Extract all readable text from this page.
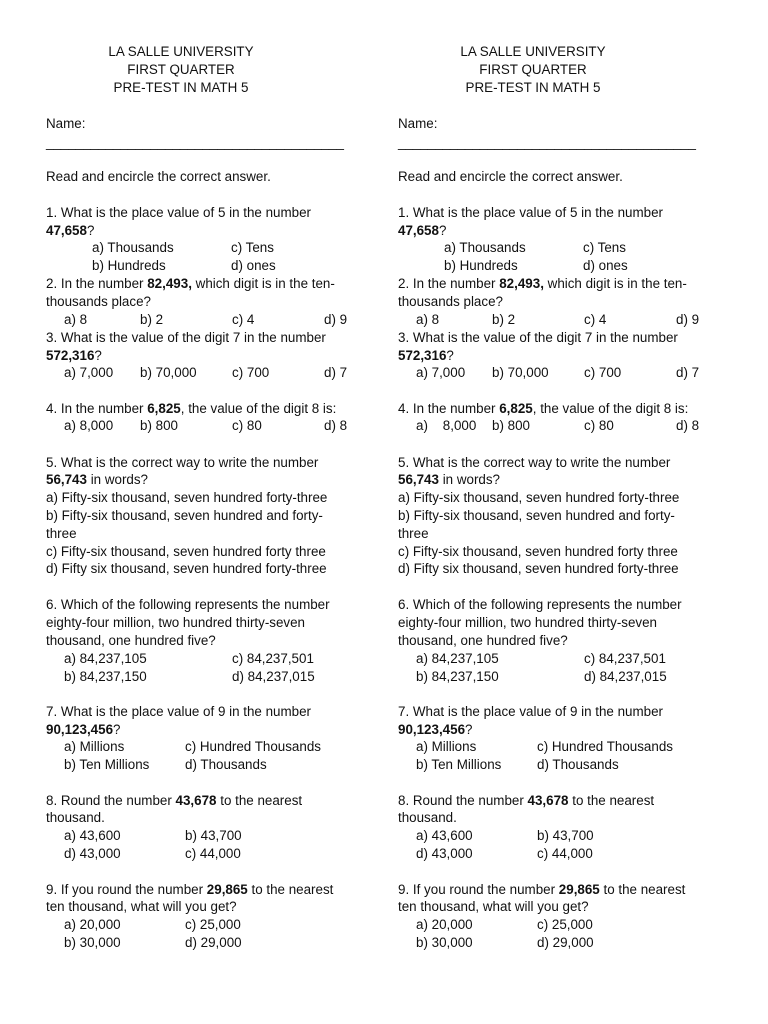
LA SALLE UNIVERSITY
FIRST QUARTER
PRE-TEST IN MATH 5
Name:
________________________________________
Read and encircle the correct answer.
1. What is the place value of 5 in the number
47,658?
a) Thousands	c) Tens
b) Hundreds	d) ones
2. In the number 82,493, which digit is in the ten-
thousands place?
a) 8	b) 2	c) 4	d) 9
3. What is the value of the digit 7 in the number
572,316?
a) 7,000 b) 70,000	c) 700	d) 7
4. In the number 6,825, the value of the digit 8 is:
a) 8,000 b) 800	c) 80	d) 8
5. What is the correct way to write the number
56,743 in words?
a) Fifty-six thousand, seven hundred forty-three
b) Fifty-six thousand, seven hundred and forty-
three
c) Fifty-six thousand, seven hundred forty three
d) Fifty six thousand, seven hundred forty-three
6. Which of the following represents the number
eighty-four million, two hundred thirty-seven
thousand, one hundred five?
a) 84,237,105	c) 84,237,501
b) 84,237,150	d) 84,237,015
7. What is the place value of 9 in the number
90,123,456?
a) Millions	c) Hundred Thousands
b) Ten Millions	d) Thousands
8. Round the number 43,678 to the nearest
thousand.
a) 43,600	b) 43,700
d) 43,000	c) 44,000
9. If you round the number 29,865 to the nearest
ten thousand, what will you get?
a) 20,000	c) 25,000
b) 30,000	d) 29,000
LA SALLE UNIVERSITY
FIRST QUARTER
PRE-TEST IN MATH 5
Name:
________________________________________
Read and encircle the correct answer.
1. What is the place value of 5 in the number
47,658?
a) Thousands	c) Tens
b) Hundreds	d) ones
2. In the number 82,493, which digit is in the ten-
thousands place?
a) 8	b) 2	c) 4	d) 9
3. What is the value of the digit 7 in the number
572,316?
a) 7,000 b) 70,000	c) 700	d) 7
4. In the number 6,825, the value of the digit 8 is:
a)    8,000 b) 800	c) 80	d) 8
5. What is the correct way to write the number
56,743 in words?
a) Fifty-six thousand, seven hundred forty-three
b) Fifty-six thousand, seven hundred and forty-
three
c) Fifty-six thousand, seven hundred forty three
d) Fifty six thousand, seven hundred forty-three
6. Which of the following represents the number
eighty-four million, two hundred thirty-seven
thousand, one hundred five?
a) 84,237,105	c) 84,237,501
b) 84,237,150	d) 84,237,015
7. What is the place value of 9 in the number
90,123,456?
a) Millions	c) Hundred Thousands
b) Ten Millions	d) Thousands
8. Round the number 43,678 to the nearest
thousand.
a) 43,600	b) 43,700
d) 43,000	c) 44,000
9. If you round the number 29,865 to the nearest
ten thousand, what will you get?
a) 20,000	c) 25,000
b) 30,000	d) 29,000
